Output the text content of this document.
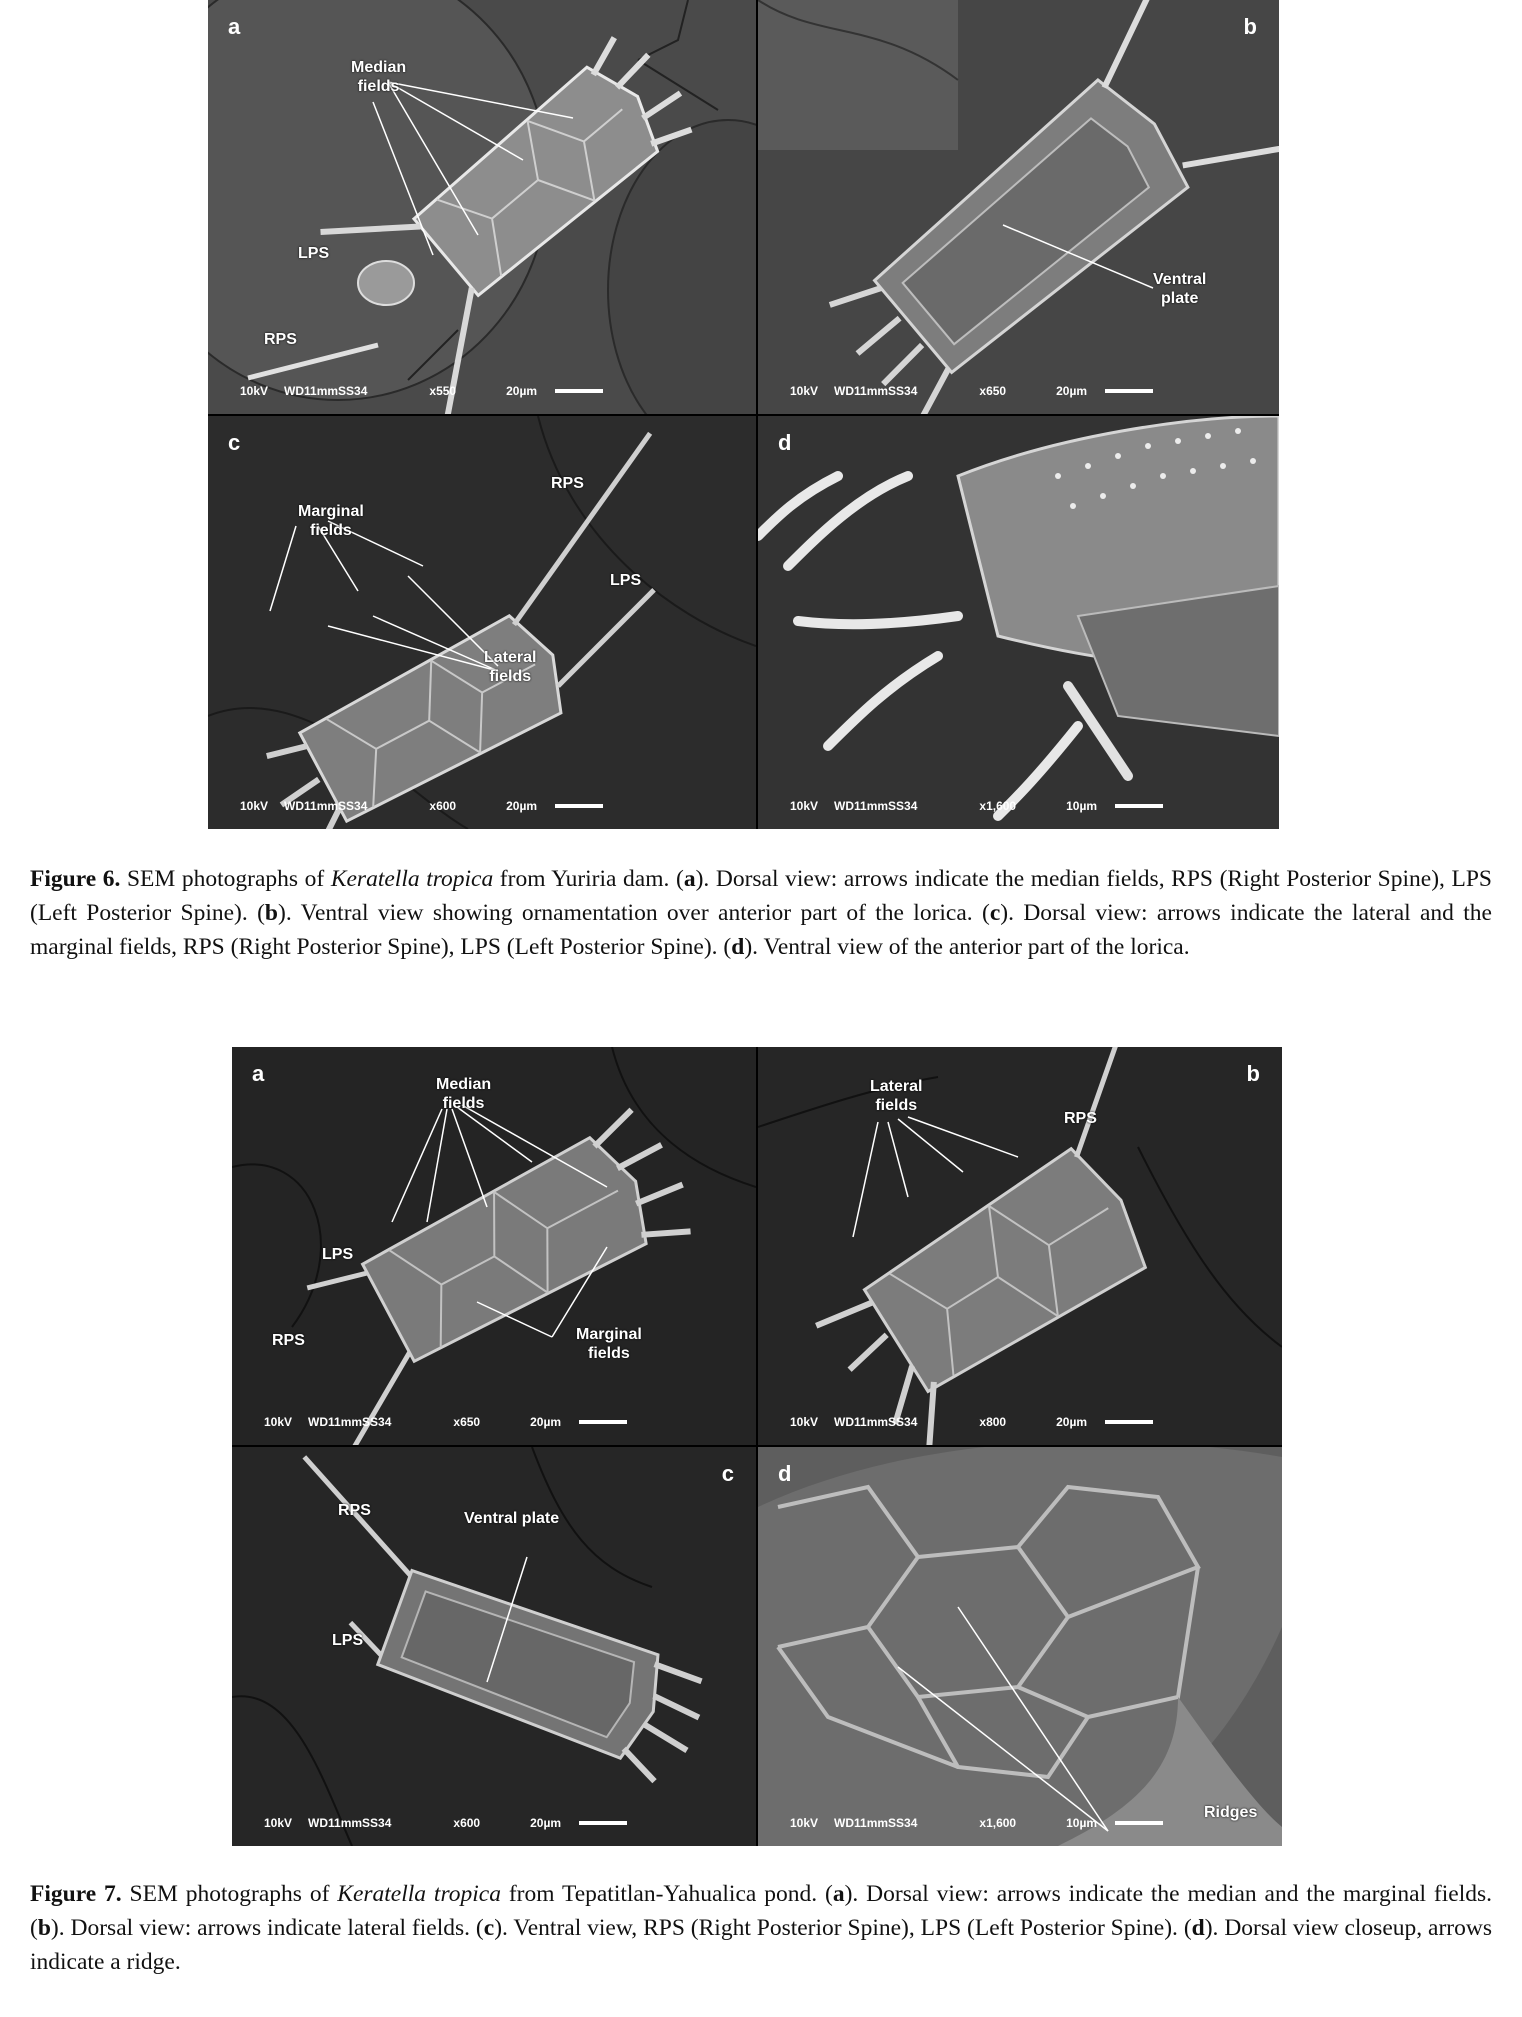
a
Median
fields
LPS
RPS
10kV WD11mmSS34	x550	20µm
b
Ventral
plate
10kV WD11mmSS34	x650	20µm
c
RPS
Marginal
fields
LPS
Lateral
fields
10kV WD11mmSS34	x600	20µm
d
10kV WD11mmSS34	x1,600	10µm
Figure 6. SEM photographs of Keratella tropica from Yuriria dam. (a). Dorsal view: arrows indicate the median fields, RPS (Right Posterior Spine), LPS (Left Posterior Spine). (b). Ventral view showing ornamentation over anterior part of the lorica. (c). Dorsal view: arrows indicate the lateral and the marginal fields, RPS (Right Posterior Spine), LPS (Left Posterior Spine). (d). Ventral view of the anterior part of the lorica.
a	Median
fields
LPS
RPS	Marginal
fields
10kV WD11mmSS34	x650	20µm
b
Lateral
fields
RPS
10kV WD11mmSS34	x800	20µm
c
RPS	Ventral plate
LPS
10kV WD11mmSS34	x600	20µm
d
Ridges
10kV WD11mmSS34	x1,600	10µm
Figure 7. SEM photographs of Keratella tropica from Tepatitlan-Yahualica pond. (a). Dorsal view: arrows indicate the median and the marginal fields. (b). Dorsal view: arrows indicate lateral fields. (c). Ventral view, RPS (Right Posterior Spine), LPS (Left Posterior Spine). (d). Dorsal view closeup, arrows indicate a ridge.
